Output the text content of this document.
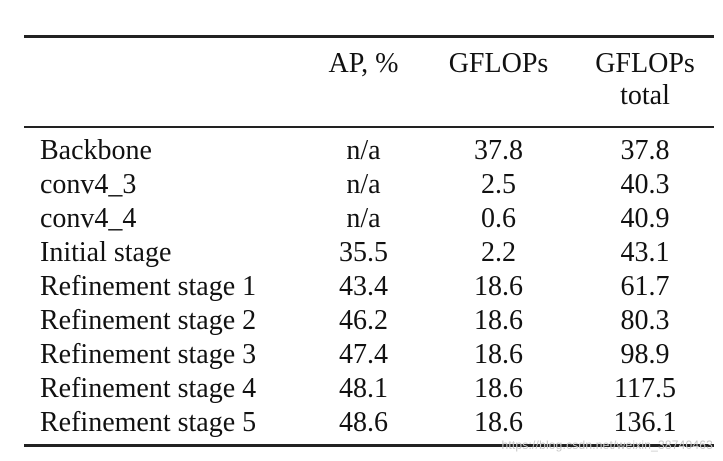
	AP, %	GFLOPs	GFLOPs
			total
Backbone	n/a	37.8	37.8
conv4_3	n/a	2.5	40.3
conv4_4	n/a	0.6	40.9
Initial stage	35.5	2.2	43.1
Refinement stage 1	43.4	18.6	61.7
Refinement stage 2	46.2	18.6	80.3
Refinement stage 3	47.4	18.6	98.9
Refinement stage 4	48.1	18.6	117.5
Refinement stage 5	48.6	18.6	136.1
https://blog.csdn.net/weixin_38740463
